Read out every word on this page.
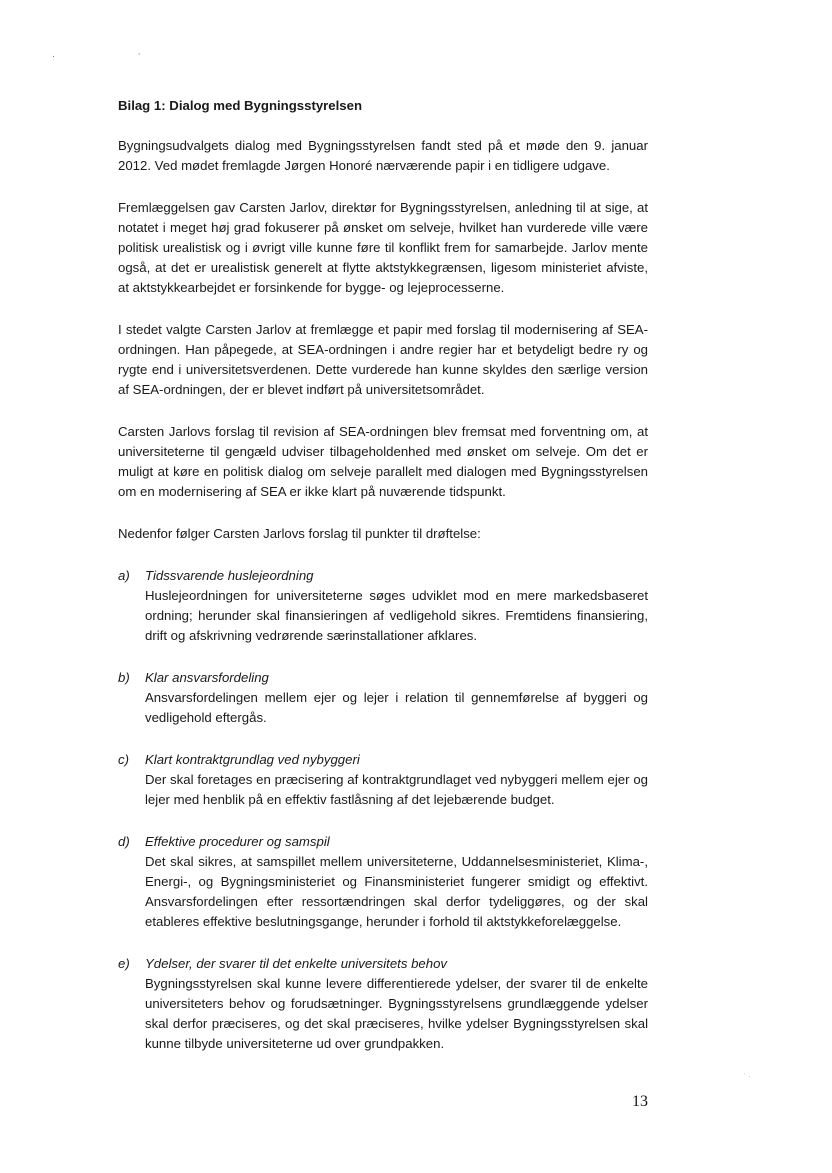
. ·
· .
Bilag 1: Dialog med Bygningsstyrelsen

Bygningsudvalgets dialog med Bygningsstyrelsen fandt sted på et møde den 9. januar 2012. Ved mødet fremlagde Jørgen Honoré nærværende papir i en tidligere udgave.

Fremlæggelsen gav Carsten Jarlov, direktør for Bygningsstyrelsen, anledning til at sige, at notatet i meget høj grad fokuserer på ønsket om selveje, hvilket han vurderede ville være politisk urealistisk og i øvrigt ville kunne føre til konflikt frem for samarbejde. Jarlov mente også, at det er urealistisk generelt at flytte aktstykkegrænsen, ligesom ministeriet afviste, at aktstykkearbejdet er forsinkende for bygge- og lejeprocesserne.

I stedet valgte Carsten Jarlov at fremlægge et papir med forslag til modernisering af SEA-ordningen. Han påpegede, at SEA-ordningen i andre regier har et betydeligt bedre ry og rygte end i universitetsverdenen. Dette vurderede han kunne skyldes den særlige version af SEA-ordningen, der er blevet indført på universitetsområdet.

Carsten Jarlovs forslag til revision af SEA-ordningen blev fremsat med forventning om, at universiteterne til gengæld udviser tilbageholdenhed med ønsket om selveje. Om det er muligt at køre en politisk dialog om selveje parallelt med dialogen med Bygningsstyrelsen om en modernisering af SEA er ikke klart på nuværende tidspunkt.

Nedenfor følger Carsten Jarlovs forslag til punkter til drøftelse:

a) Tidssvarende huslejeordning

Huslejeordningen for universiteterne søges udviklet mod en mere markedsbaseret ordning; herunder skal finansieringen af vedligehold sikres. Fremtidens finansiering, drift og afskrivning vedrørende særinstallationer afklares.

b) Klar ansvarsfordeling

Ansvarsfordelingen mellem ejer og lejer i relation til gennemførelse af byggeri og vedligehold eftergås.

c) Klart kontraktgrundlag ved nybyggeri

Der skal foretages en præcisering af kontraktgrundlaget ved nybyggeri mellem ejer og lejer med henblik på en effektiv fastlåsning af det lejebærende budget.

d) Effektive procedurer og samspil

Det skal sikres, at samspillet mellem universiteterne, Uddannelsesministeriet, Klima-, Energi-, og Bygningsministeriet og Finansministeriet fungerer smidigt og effektivt. Ansvarsfordelingen efter ressortændringen skal derfor tydeliggøres, og der skal etableres effektive beslutningsgange, herunder i forhold til aktstykkeforelæggelse.

e) Ydelser, der svarer til det enkelte universitets behov

Bygningsstyrelsen skal kunne levere differentierede ydelser, der svarer til de enkelte universiteters behov og forudsætninger. Bygningsstyrelsens grundlæggende ydelser skal derfor præciseres, og det skal præciseres, hvilke ydelser Bygningsstyrelsen skal kunne tilbyde universiteterne ud over grundpakken.

13
